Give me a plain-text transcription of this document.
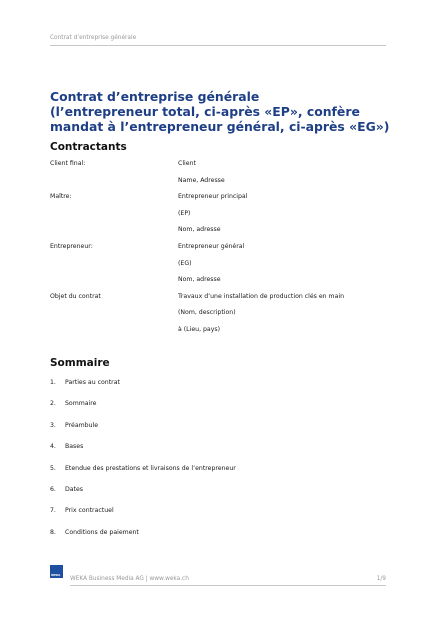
Contrat d’entreprise générale
Contrat d’entreprise générale
(l’entrepreneur total, ci-après «EP», confère
mandat à l’entrepreneur général, ci-après «EG»)
Contractants
Client final:	Client
Name, Adresse
Maître:	Entrepreneur principal
(EP)
Nom, adresse
Entrepreneur:	Entrepreneur général
(EG)
Nom, adresse
Objet du contrat	Travaux d’une installation de production clés en main
(Nom, description)
à (Lieu, pays)
Sommaire
1.	Parties au contrat
2.	Sommaire
3.	Préambule
4.	Bases
5.	Etendue des prestations et livraisons de l’entrepreneur
6.	Dates
7.	Prix contractuel
8.	Conditions de paiement
WEKA
WEKA Business Media AG | www.weka.ch	1/9
